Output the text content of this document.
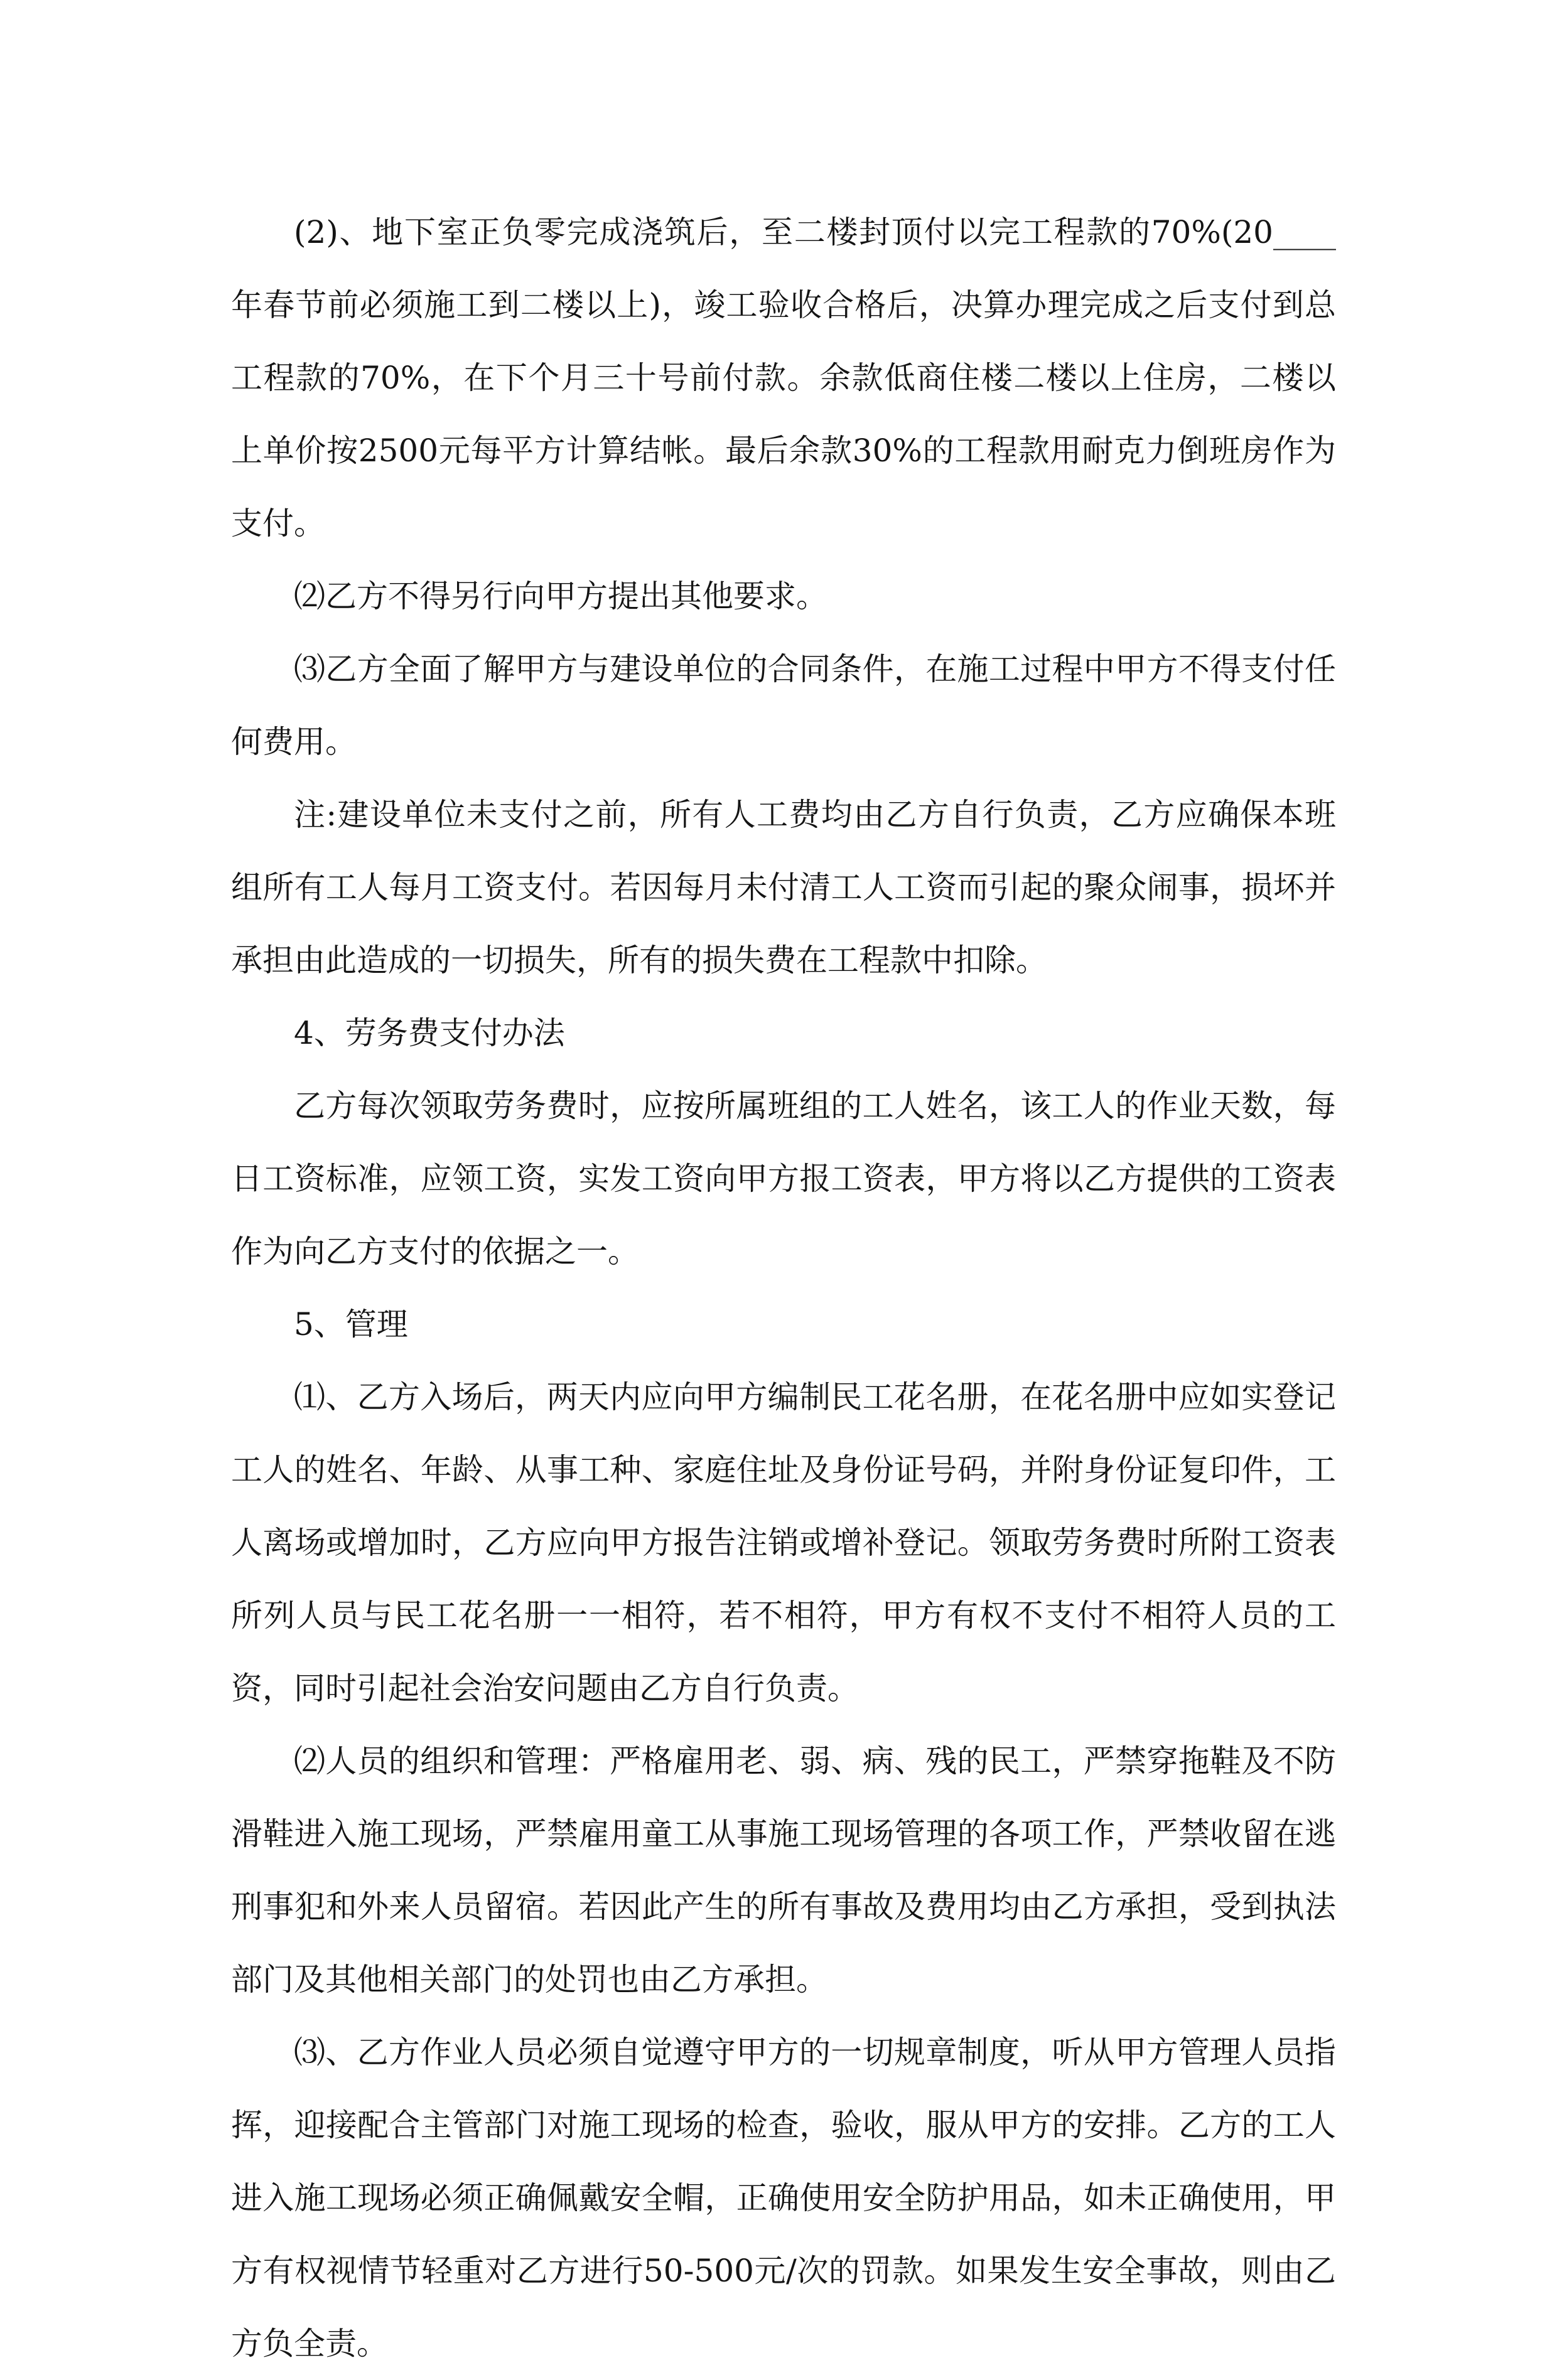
(2)、地下室正负零完成浇筑后，至二楼封顶付以完工程款的70%(20____年春节前必须施工到二楼以上)，竣工验收合格后，决算办理完成之后支付到总工程款的70%，在下个月三十号前付款。余款低商住楼二楼以上住房，二楼以上单价按2500元每平方计算结帐。最后余款30%的工程款用耐克力倒班房作为支付。

⑵乙方不得另行向甲方提出其他要求。

⑶乙方全面了解甲方与建设单位的合同条件，在施工过程中甲方不得支付任何费用。

注:建设单位未支付之前，所有人工费均由乙方自行负责，乙方应确保本班组所有工人每月工资支付。若因每月未付清工人工资而引起的聚众闹事，损坏并承担由此造成的一切损失，所有的损失费在工程款中扣除。

4、劳务费支付办法

乙方每次领取劳务费时，应按所属班组的工人姓名，该工人的作业天数，每日工资标准，应领工资，实发工资向甲方报工资表，甲方将以乙方提供的工资表作为向乙方支付的依据之一。

5、管理

⑴、乙方入场后，两天内应向甲方编制民工花名册，在花名册中应如实登记工人的姓名、年龄、从事工种、家庭住址及身份证号码，并附身份证复印件，工人离场或增加时，乙方应向甲方报告注销或增补登记。领取劳务费时所附工资表所列人员与民工花名册一一相符，若不相符，甲方有权不支付不相符人员的工资，同时引起社会治安问题由乙方自行负责。

⑵人员的组织和管理：严格雇用老、弱、病、残的民工，严禁穿拖鞋及不防滑鞋进入施工现场，严禁雇用童工从事施工现场管理的各项工作，严禁收留在逃刑事犯和外来人员留宿。若因此产生的所有事故及费用均由乙方承担，受到执法部门及其他相关部门的处罚也由乙方承担。

⑶、乙方作业人员必须自觉遵守甲方的一切规章制度，听从甲方管理人员指挥，迎接配合主管部门对施工现场的检查，验收，服从甲方的安排。乙方的工人进入施工现场必须正确佩戴安全帽，正确使用安全防护用品，如未正确使用，甲方有权视情节轻重对乙方进行50-500元/次的罚款。如果发生安全事故，则由乙方负全责。
